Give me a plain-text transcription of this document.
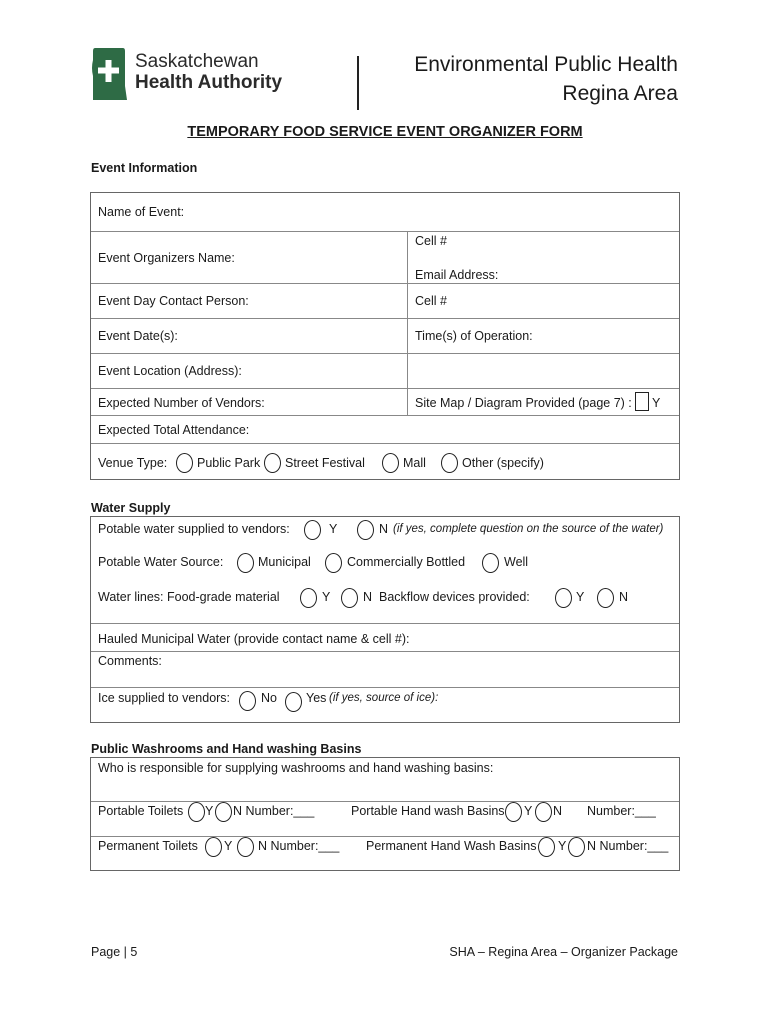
Saskatchewan
Health Authority
Environmental Public Health
Regina Area
TEMPORARY FOOD SERVICE EVENT ORGANIZER FORM
Event Information
Name of Event:
Event Organizers Name:
Cell #
Email Address:
Event Day Contact Person:	Cell #
Event Date(s):	Time(s) of Operation:
Event Location (Address):
Expected Number of Vendors:	Site Map / Diagram Provided (page 7) : Y
Expected Total Attendance:
Venue Type: Public Park Street Festival	Mall	Other (specify)
Water Supply
Potable water supplied to vendors:	Y	N (if yes, complete question on the source of the water)
Potable Water Source:	Municipal	Commercially Bottled	Well
Water lines: Food-grade material	Y	N Backflow devices provided:	Y	N
Hauled Municipal Water (provide contact name & cell #):
Comments:
Ice supplied to vendors: No Yes (if yes, source of ice):
Public Washrooms and Hand washing Basins
Who is responsible for supplying washrooms and hand washing basins:
Portable Toilets Y N Number:___	Portable Hand wash Basins Y N Number:___
Permanent Toilets Y N Number:___ Permanent Hand Wash Basins Y N Number:___
Page | 5	SHA – Regina Area – Organizer Package
